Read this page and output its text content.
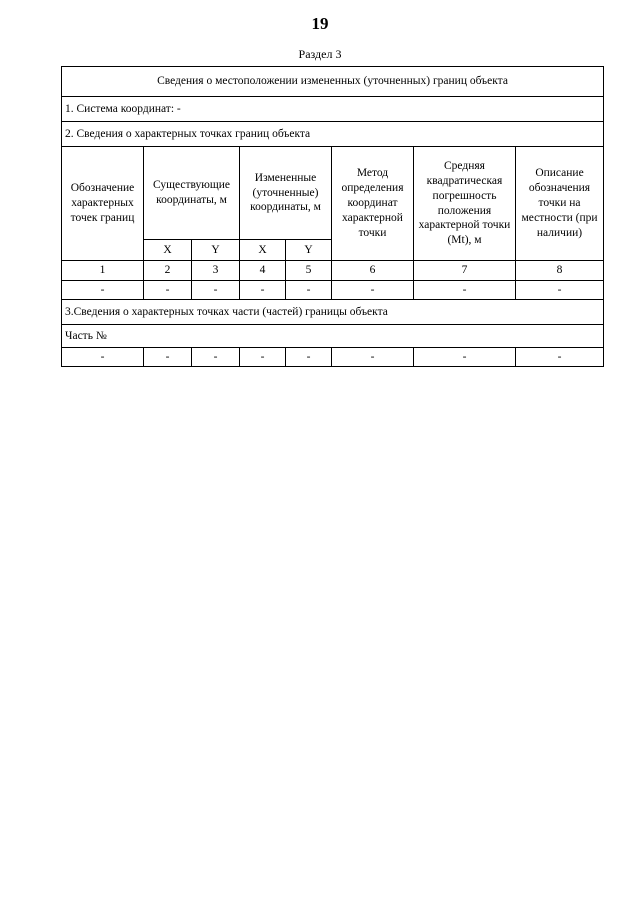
19
Раздел 3
Сведения о местоположении измененных (уточненных) границ объекта							
1. Система координат: -							
2. Сведения о характерных точках границ объекта							
Обозначение характерных точек границ	Существующие координаты, м		Измененные (уточненные) координаты, м		Метод определения координат характерной точки	Средняя квадратическая погрешность положения характерной точки (Mt), м	Описание обозначения точки на местности (при наличии)
	X	Y	X	Y			
1	2	3	4	5	6	7	8
-	-	-	-	-	-	-	-
3.Сведения о характерных точках части (частей) границы объекта							
Часть №							
-	-	-	-	-	-	-	-
